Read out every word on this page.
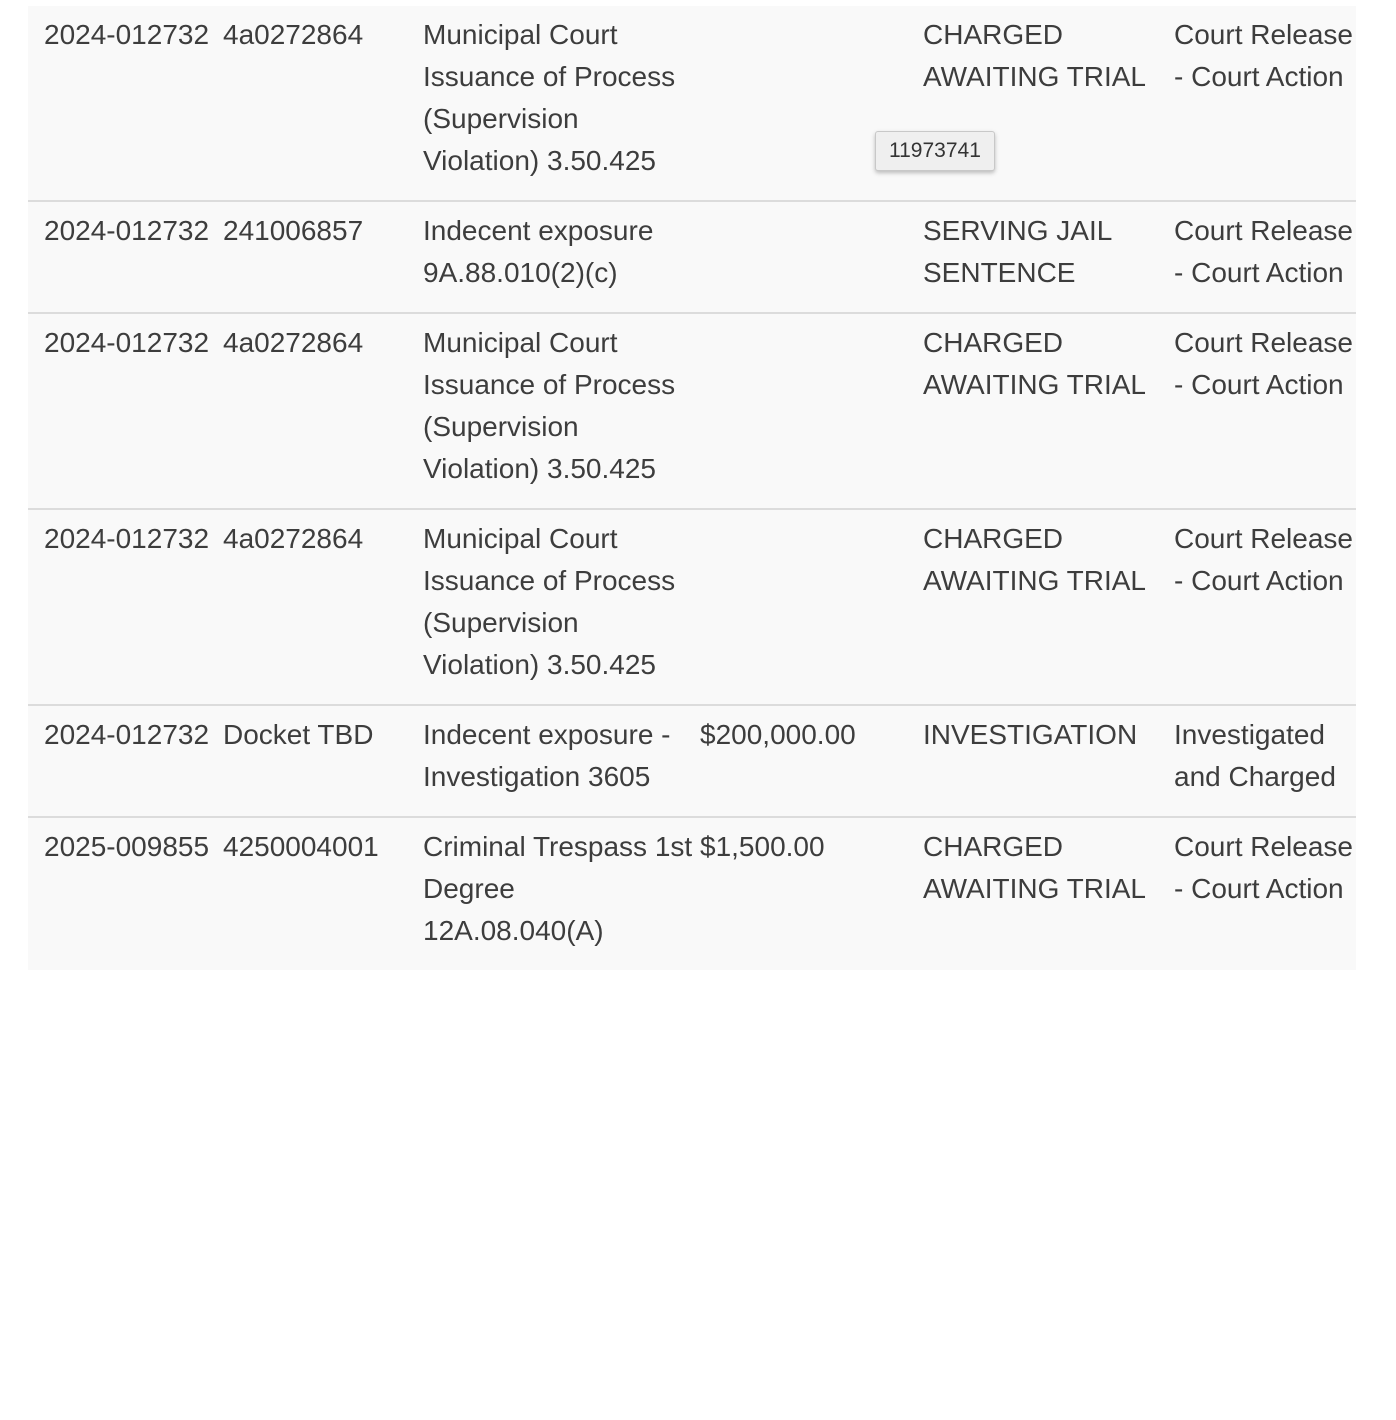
2024-012732	4a0272864	Municipal Court Issuance of Process (Supervision Violation) 3.50.425		CHARGED AWAITING TRIAL	Court Release - Court Action

2024-012732	241006857	Indecent exposure 9A.88.010(2)(c)		SERVING JAIL SENTENCE	Court Release - Court Action

2024-012732	4a0272864	Municipal Court Issuance of Process (Supervision Violation) 3.50.425		CHARGED AWAITING TRIAL	Court Release - Court Action

2024-012732	4a0272864	Municipal Court Issuance of Process (Supervision Violation) 3.50.425		CHARGED AWAITING TRIAL	Court Release - Court Action

2024-012732	Docket TBD	Indecent exposure - Investigation 3605	$200,000.00	INVESTIGATION	Investigated and Charged

2025-009855	4250004001	Criminal Trespass 1st Degree 12A.08.040(A)	$1,500.00	CHARGED AWAITING TRIAL	Court Release - Court Action
11973741
